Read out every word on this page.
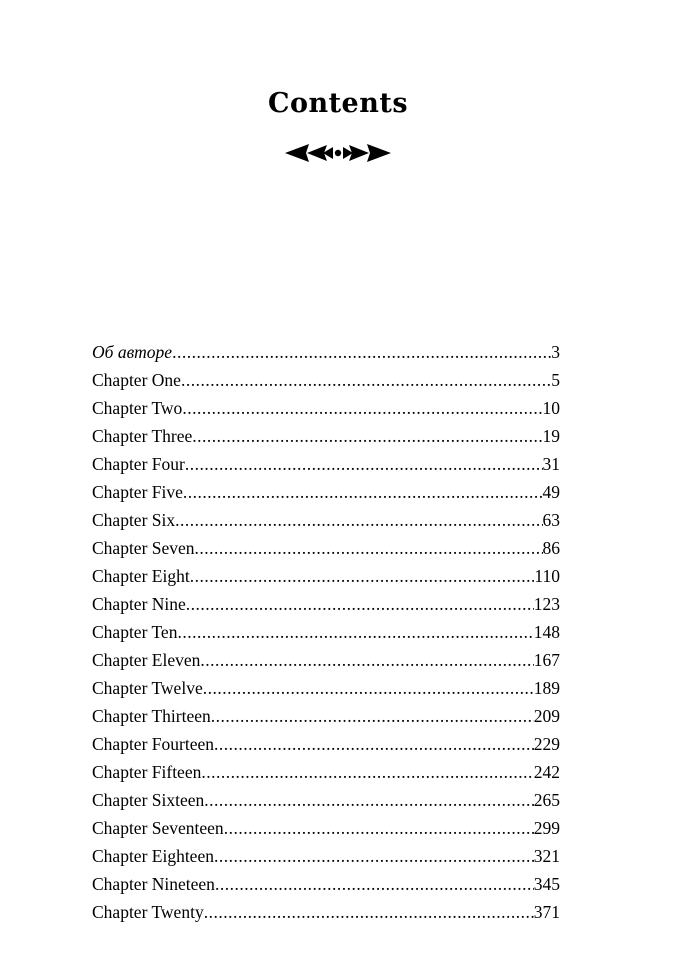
Contents
Об авторе .....	3
Chapter One .....	5
Chapter Two .....	10
Chapter Three .....	19
Chapter Four .....	31
Chapter Five .....	49
Chapter Six .....	63
Chapter Seven .....	86
Chapter Eight .....	110
Chapter Nine .....	123
Chapter Ten .....	148
Chapter Eleven .....	167
Chapter Twelve .....	189
Chapter Thirteen .....	209
Chapter Fourteen .....	229
Chapter Fifteen .....	242
Chapter Sixteen .....	265
Chapter Seventeen .....	299
Chapter Eighteen .....	321
Chapter Nineteen .....	345
Chapter Twenty .....	371
